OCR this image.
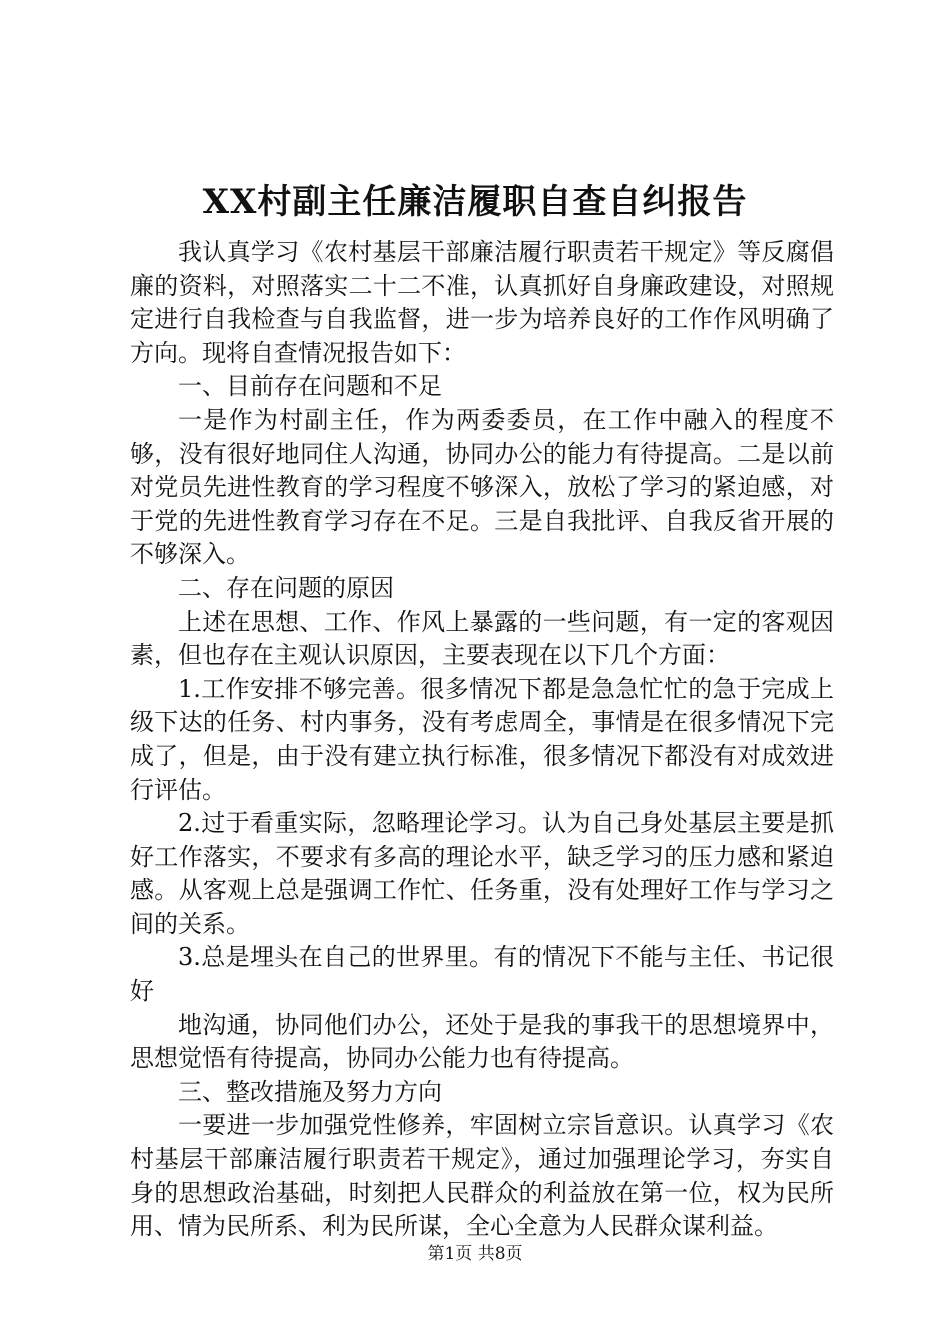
XX村副主任廉洁履职自查自纠报告

我认真学习《农村基层干部廉洁履行职责若干规定》等反腐倡廉的资料，对照落实二十二不准，认真抓好自身廉政建设，对照规定进行自我检查与自我监督，进一步为培养良好的工作作风明确了方向。现将自查情况报告如下：

一、目前存在问题和不足

一是作为村副主任，作为两委委员，在工作中融入的程度不够，没有很好地同住人沟通，协同办公的能力有待提高。二是以前对党员先进性教育的学习程度不够深入，放松了学习的紧迫感，对于党的先进性教育学习存在不足。三是自我批评、自我反省开展的不够深入。

二、存在问题的原因

上述在思想、工作、作风上暴露的一些问题，有一定的客观因素，但也存在主观认识原因，主要表现在以下几个方面：

1.工作安排不够完善。很多情况下都是急急忙忙的急于完成上级下达的任务、村内事务，没有考虑周全，事情是在很多情况下完成了，但是，由于没有建立执行标准，很多情况下都没有对成效进行评估。

2.过于看重实际，忽略理论学习。认为自己身处基层主要是抓好工作落实，不要求有多高的理论水平，缺乏学习的压力感和紧迫感。从客观上总是强调工作忙、任务重，没有处理好工作与学习之间的关系。

3.总是埋头在自己的世界里。有的情况下不能与主任、书记很好

地沟通，协同他们办公，还处于是我的事我干的思想境界中，思想觉悟有待提高，协同办公能力也有待提高。

三、整改措施及努力方向

一要进一步加强党性修养，牢固树立宗旨意识。认真学习《农村基层干部廉洁履行职责若干规定》，通过加强理论学习，夯实自身的思想政治基础，时刻把人民群众的利益放在第一位，权为民所用、情为民所系、利为民所谋，全心全意为人民群众谋利益。

第1页 共8页
